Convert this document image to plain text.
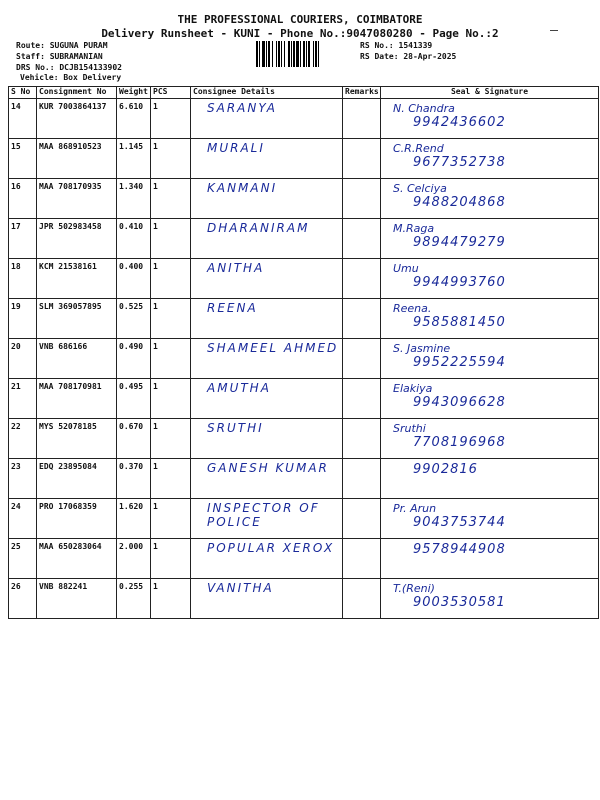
THE PROFESSIONAL COURIERS, COIMBATORE
Delivery Runsheet - KUNI - Phone No.:9047080280 - Page No.:2
Route: SUGUNA PURAM
Staff: SUBRAMANIAN
DRS No.: DCJB154133902
Vehicle: Box Delivery
RS No.: 1541339
RS Date: 28-Apr-2025
S No	Consignment No	Weight	PCS	Consignee Details	Remarks	Seal & Signature
14	KUR 7003864137	6.610	1	SARANYA		N. Chandra
9942436602

15	MAA 868910523	1.145	1	MURALI		C.R.Rend
9677352738

16	MAA 708170935	1.340	1	KANMANI		S. Celciya
9488204868

17	JPR 502983458	0.410	1	DHARANIRAM		M.Raga
9894479279

18	KCM 21538161	0.400	1	ANITHA		Umu
9944993760

19	SLM 369057895	0.525	1	REENA		Reena.
9585881450

20	VNB 686166	0.490	1	SHAMEEL AHMED		S. Jasmine
9952225594

21	MAA 708170981	0.495	1	AMUTHA		Elakiya
9943096628

22	MYS 52078185	0.670	1	SRUTHI		Sruthi
7708196968

23	EDQ 23895084	0.370	1	GANESH KUMAR		9902816

24	PRO 17068359	1.620	1	INSPECTOR OF POLICE		Pr. Arun
9043753744

25	MAA 650283064	2.000	1	POPULAR XEROX		9578944908

26	VNB 882241	0.255	1	VANITHA		T.(Reni)
9003530581
